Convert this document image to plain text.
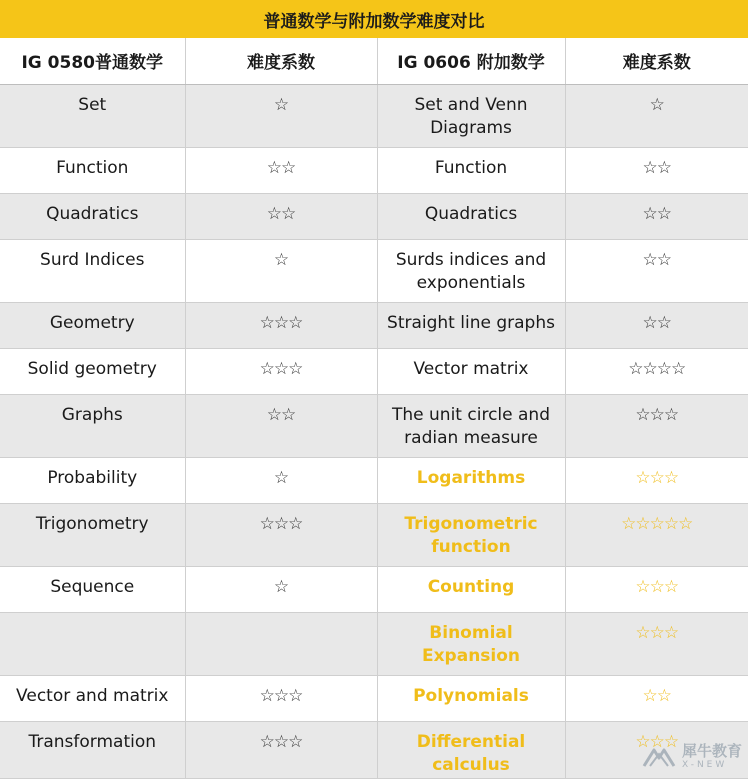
普通数学与附加数学难度对比
IG 0580普通数学	难度系数	IG 0606 附加数学	难度系数
Set	☆	Set and Venn Diagrams	☆
Function	☆☆	Function	☆☆
Quadratics	☆☆	Quadratics	☆☆
Surd Indices	☆	Surds indices and exponentials	☆☆
Geometry	☆☆☆	Straight line graphs	☆☆
Solid geometry	☆☆☆	Vector matrix	☆☆☆☆
Graphs	☆☆	The unit circle and radian measure	☆☆☆
Probability	☆	Logarithms	☆☆☆
Trigonometry	☆☆☆	Trigonometric function	☆☆☆☆☆
Sequence	☆	Counting	☆☆☆
		Binomial Expansion	☆☆☆
Vector and matrix	☆☆☆	Polynomials	☆☆
Transformation	☆☆☆	Differential calculus	☆☆☆ 犀牛教育
X-NEW
